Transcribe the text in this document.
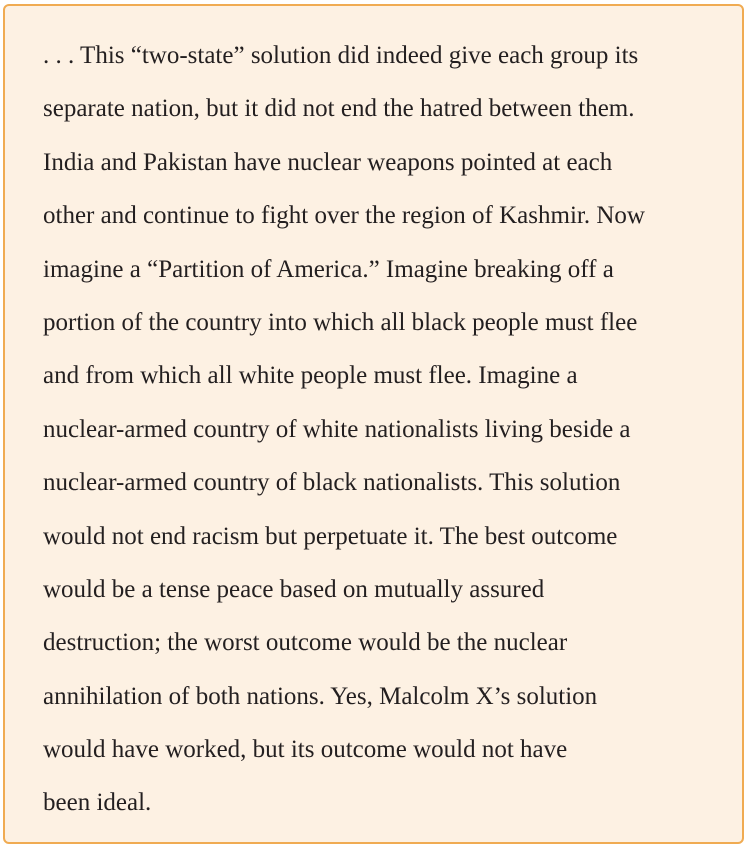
. . . This “two-state” solution did indeed give each group its
separate nation, but it did not end the hatred between them.
India and Pakistan have nuclear weapons pointed at each
other and continue to fight over the region of Kashmir. Now
imagine a “Partition of America.” Imagine breaking off a
portion of the country into which all black people must flee
and from which all white people must flee. Imagine a
nuclear-armed country of white nationalists living beside a
nuclear-armed country of black nationalists. This solution
would not end racism but perpetuate it. The best outcome
would be a tense peace based on mutually assured
destruction; the worst outcome would be the nuclear
annihilation of both nations. Yes, Malcolm X’s solution
would have worked, but its outcome would not have
been ideal.
